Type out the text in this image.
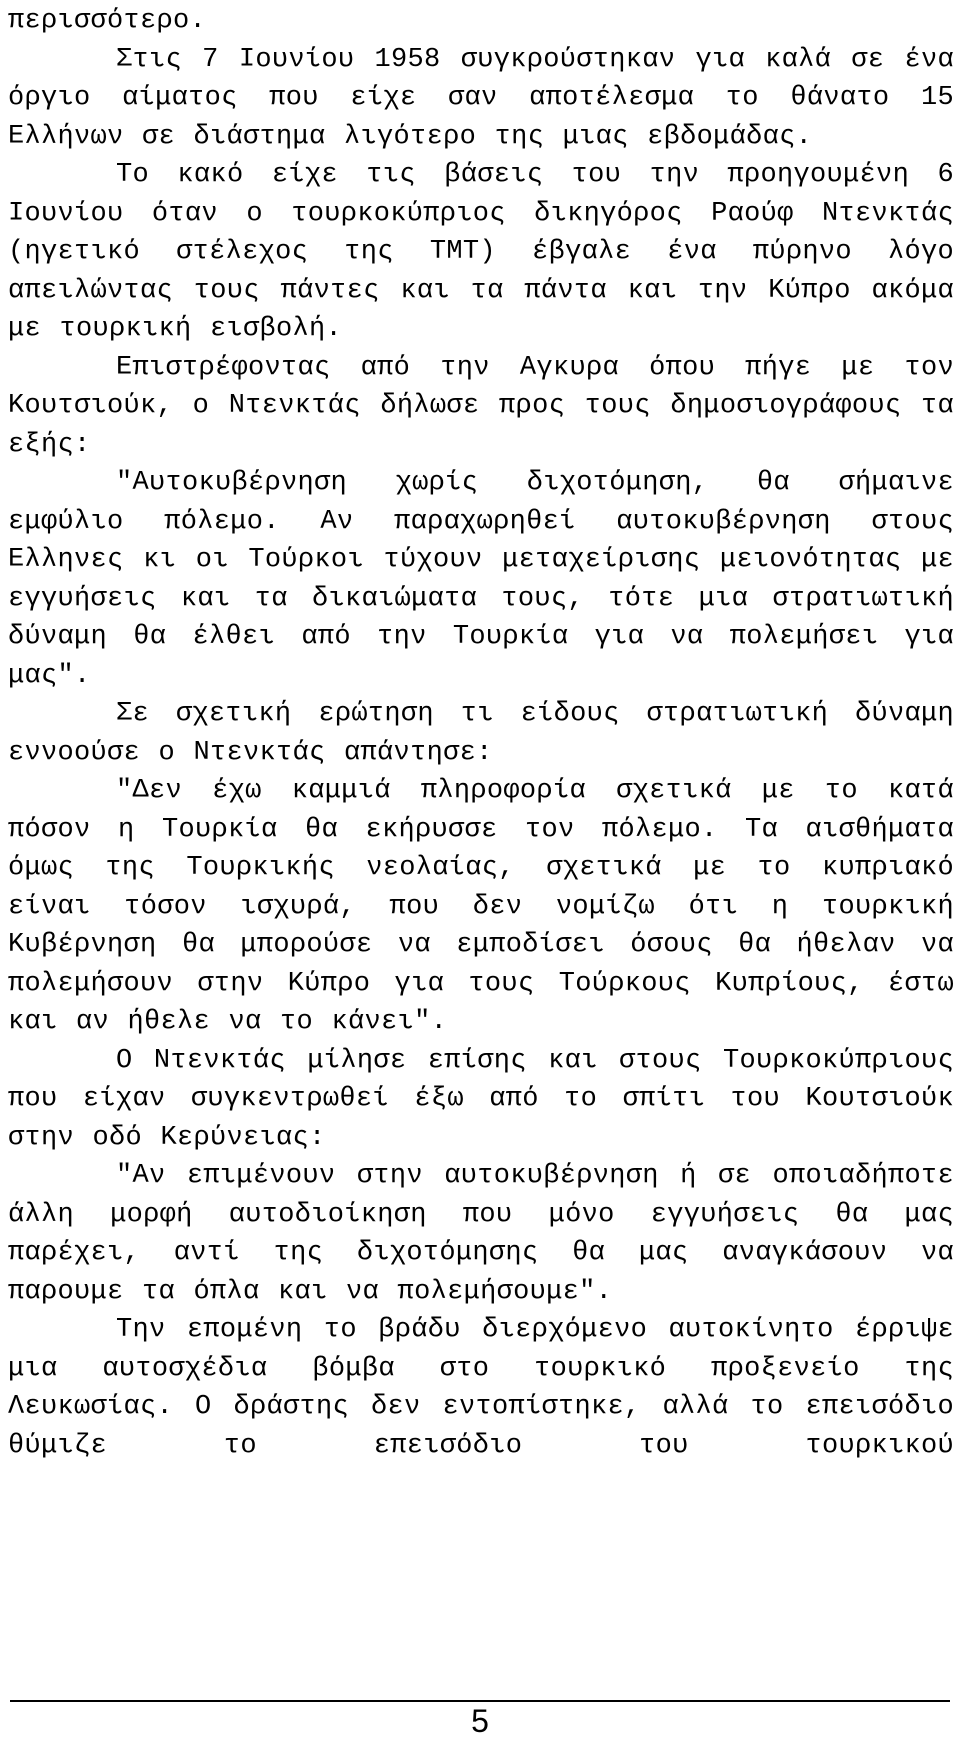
περισσότερο.

Στις 7 Ιουνίου 1958 συγκρούστηκαν για καλά σε ένα όργιο αίματος που είχε σαν αποτέλεσμα το θάνατο 15 Ελλήνων σε διάστημα λιγότερο της μιας εβδομάδας.

Το κακό είχε τις βάσεις του την προηγουμένη 6 Ιουνίου όταν ο τουρκοκύπριος δικηγόρος Ραούφ Ντενκτάς (ηγετικό στέλεχος της ΤΜΤ) έβγαλε ένα πύρηνο λόγο απειλώντας τους πάντες και τα πάντα και την Κύπρο ακόμα με τουρκική εισβολή.

Επιστρέφοντας από την Αγκυρα όπου πήγε με τον Κουτσιούκ, ο Ντενκτάς δήλωσε προς τους δημοσιογράφους τα εξής:

"Αυτοκυβέρνηση χωρίς διχοτόμηση, θα σήμαινε εμφύλιο πόλεμο. Αν παραχωρηθεί αυτοκυβέρνηση στους Ελληνες κι οι Τούρκοι τύχουν μεταχείρισης μειονότητας με εγγυήσεις και τα δικαιώματα τους, τότε μια στρατιωτική δύναμη θα έλθει από την Τουρκία για να πολεμήσει για μας".

Σε σχετική ερώτηση τι είδους στρατιωτική δύναμη εννοούσε ο Ντενκτάς απάντησε:

"Δεν έχω καμμιά πληροφορία σχετικά με το κατά πόσον η Τουρκία θα εκήρυσσε τον πόλεμο. Τα αισθήματα όμως της Τουρκικής νεολαίας, σχετικά με το κυπριακό είναι τόσον ισχυρά, που δεν νομίζω ότι η τουρκική Κυβέρνηση θα μπορούσε να εμποδίσει όσους θα ήθελαν να πολεμήσουν στην Κύπρο για τους Τούρκους Κυπρίους, έστω και αν ήθελε να το κάνει".

Ο Ντενκτάς μίλησε επίσης και στους Τουρκοκύπριους που είχαν συγκεντρωθεί έξω από το σπίτι του Κουτσιούκ στην οδό Κερύνειας:

"Αν επιμένουν στην αυτοκυβέρνηση ή σε οποιαδήποτε άλλη μορφή αυτοδιοίκηση που μόνο εγγυήσεις θα μας παρέχει, αντί της διχοτόμησης θα μας αναγκάσουν να παρουμε τα όπλα και να πολεμήσουμε".

Την επομένη το βράδυ διερχόμενο αυτοκίνητο έρριψε μια αυτοσχέδια βόμβα στο τουρκικό προξενείο της Λευκωσίας. Ο δράστης δεν εντοπίστηκε, αλλά το επεισόδιο θύμιζε το επεισόδιο του τουρκικού

5
